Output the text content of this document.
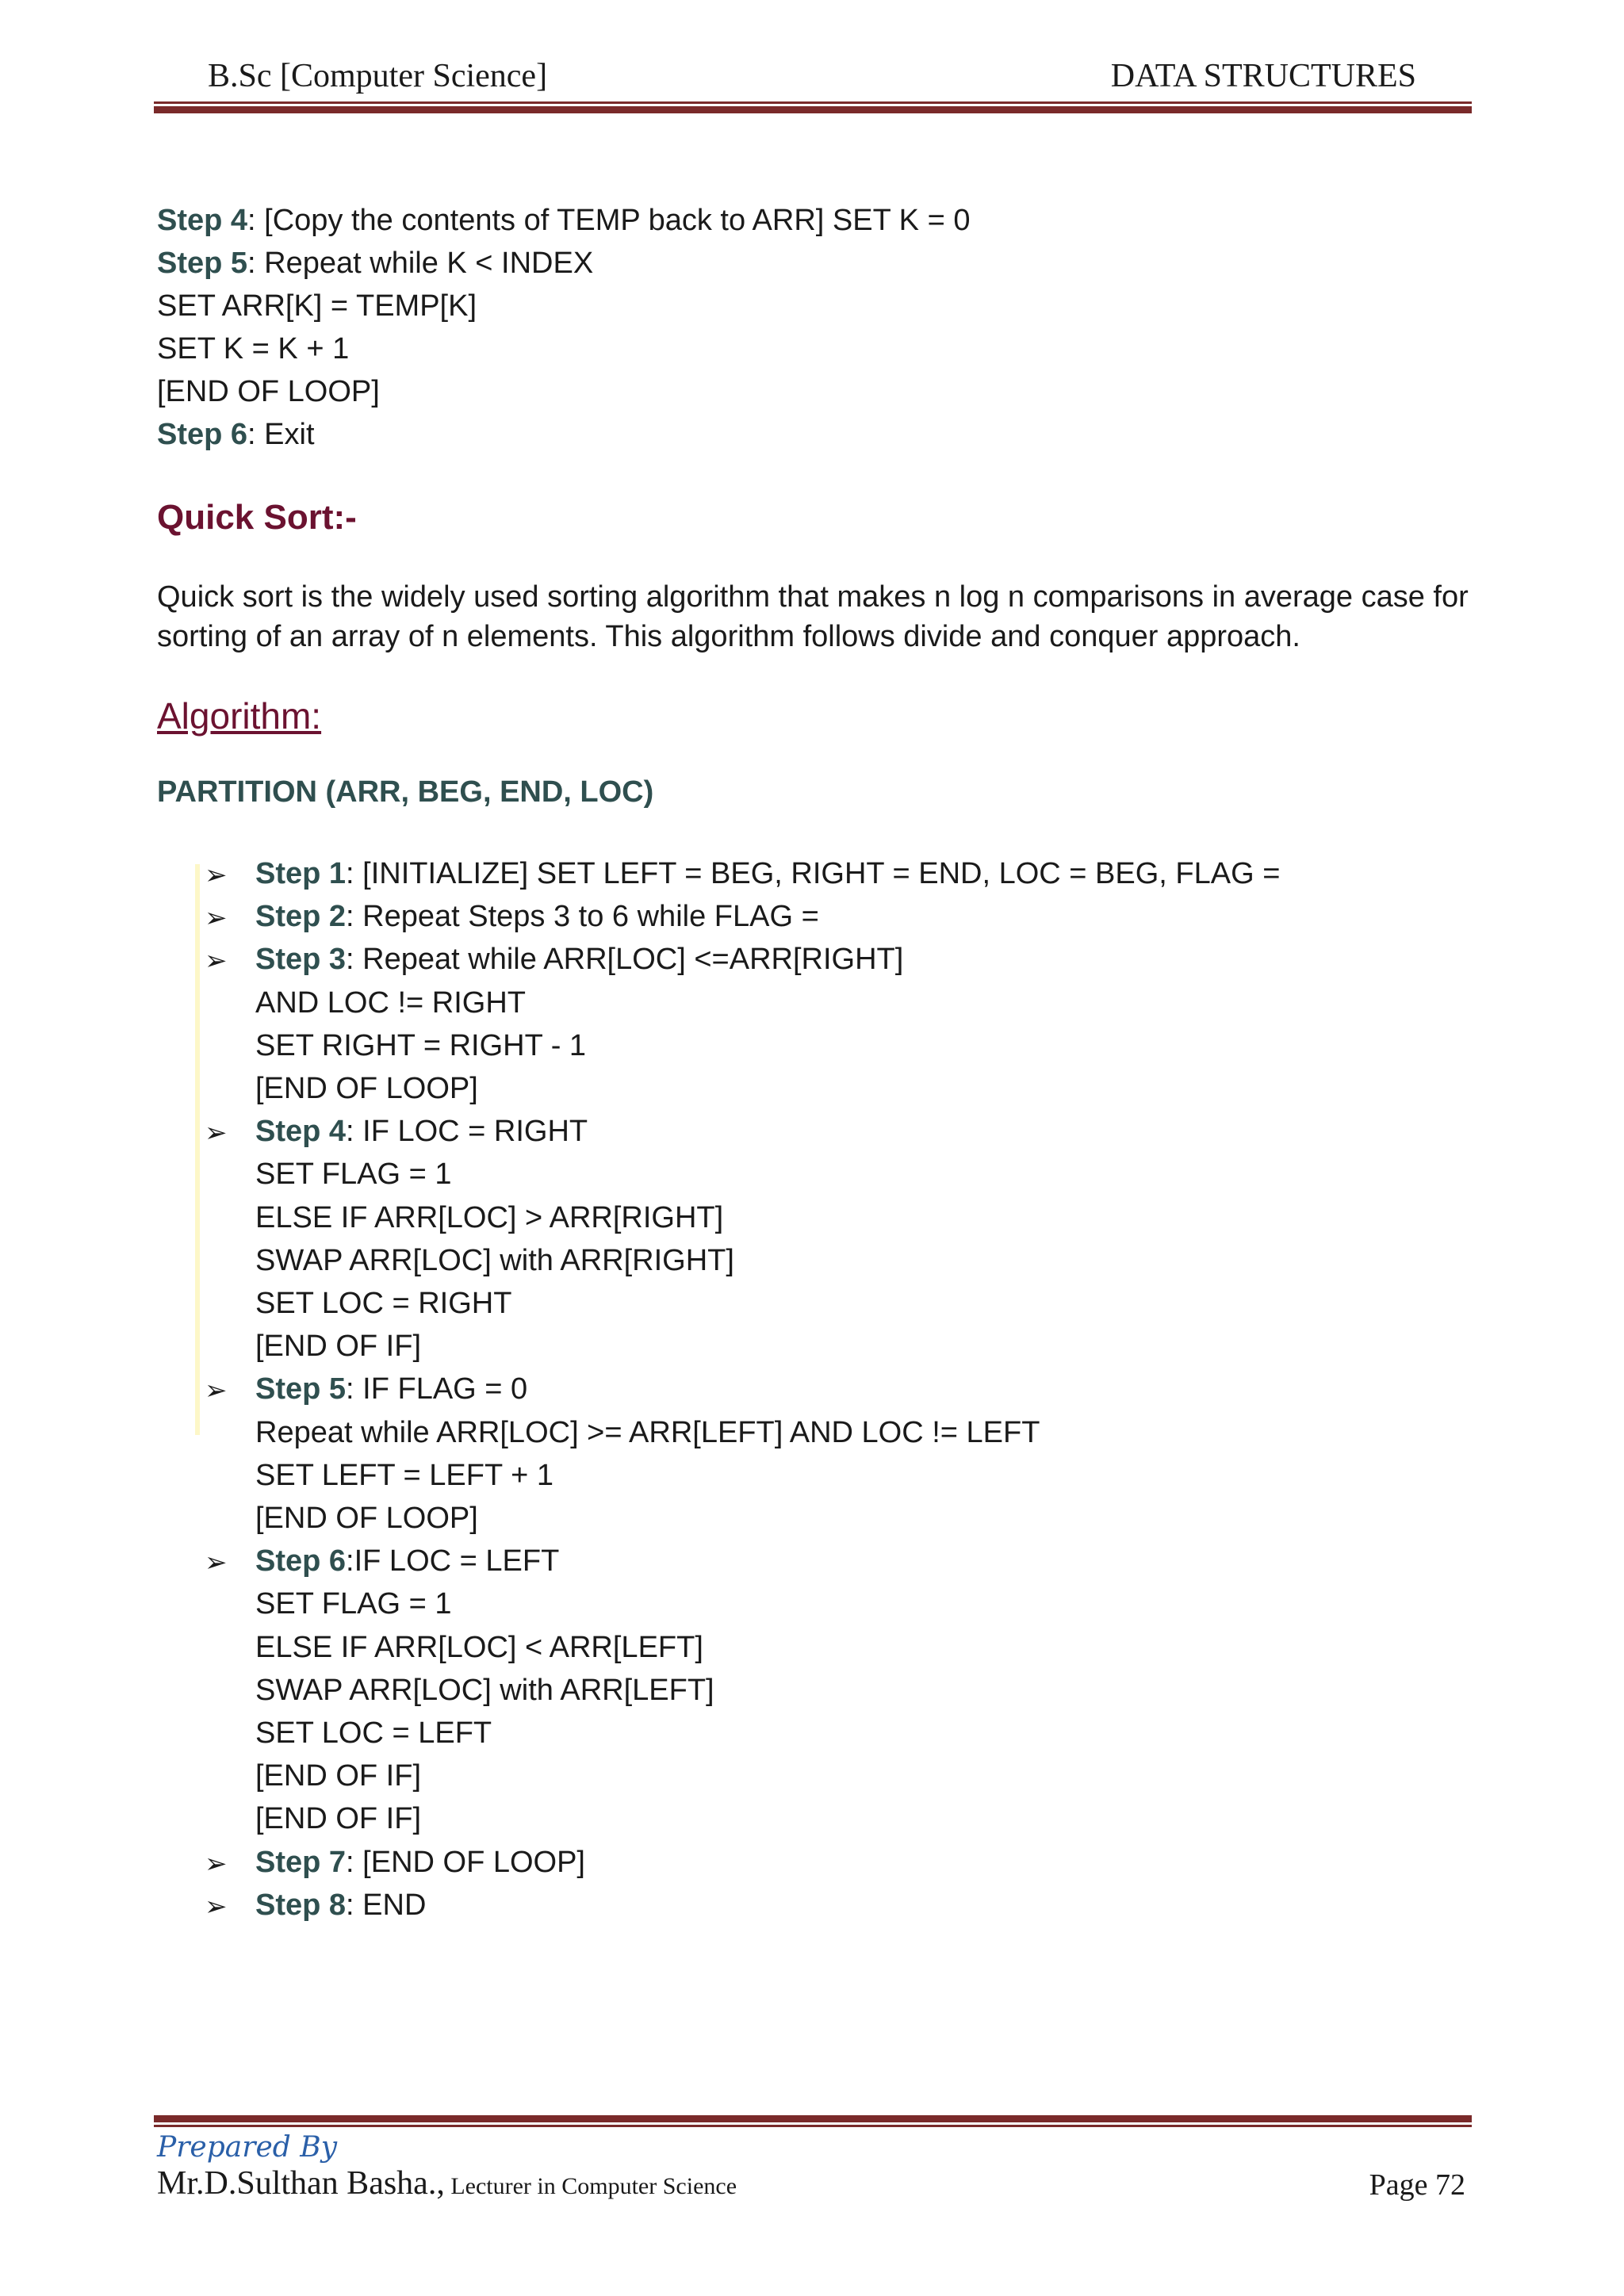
B.Sc [Computer Science]	DATA STRUCTURES
Step 4: [Copy the contents of TEMP back to ARR] SET K = 0
Step 5: Repeat while K < INDEX
SET ARR[K] = TEMP[K]
SET K = K + 1
[END OF LOOP]
Step 6: Exit
Quick Sort:-
Quick sort is the widely used sorting algorithm that makes n log n comparisons in average case for
sorting of an array of n elements. This algorithm follows divide and conquer approach.
Algorithm:
PARTITION (ARR, BEG, END, LOC)
➢ Step 1: [INITIALIZE] SET LEFT = BEG, RIGHT = END, LOC = BEG, FLAG =
➢ Step 2: Repeat Steps 3 to 6 while FLAG =
➢ Step 3: Repeat while ARR[LOC] <=ARR[RIGHT]
AND LOC != RIGHT
SET RIGHT = RIGHT - 1
[END OF LOOP]
➢ Step 4: IF LOC = RIGHT
SET FLAG = 1
ELSE IF ARR[LOC] > ARR[RIGHT]
SWAP ARR[LOC] with ARR[RIGHT]
SET LOC = RIGHT
[END OF IF]
➢ Step 5: IF FLAG = 0
Repeat while ARR[LOC] >= ARR[LEFT] AND LOC != LEFT
SET LEFT = LEFT + 1
[END OF LOOP]
➢ Step 6:IF LOC = LEFT
SET FLAG = 1
ELSE IF ARR[LOC] < ARR[LEFT]
SWAP ARR[LOC] with ARR[LEFT]
SET LOC = LEFT
[END OF IF]
[END OF IF]
➢ Step 7: [END OF LOOP]
➢ Step 8: END
Prepared By
Mr.D.Sulthan Basha., Lecturer in Computer Science	Page 72
